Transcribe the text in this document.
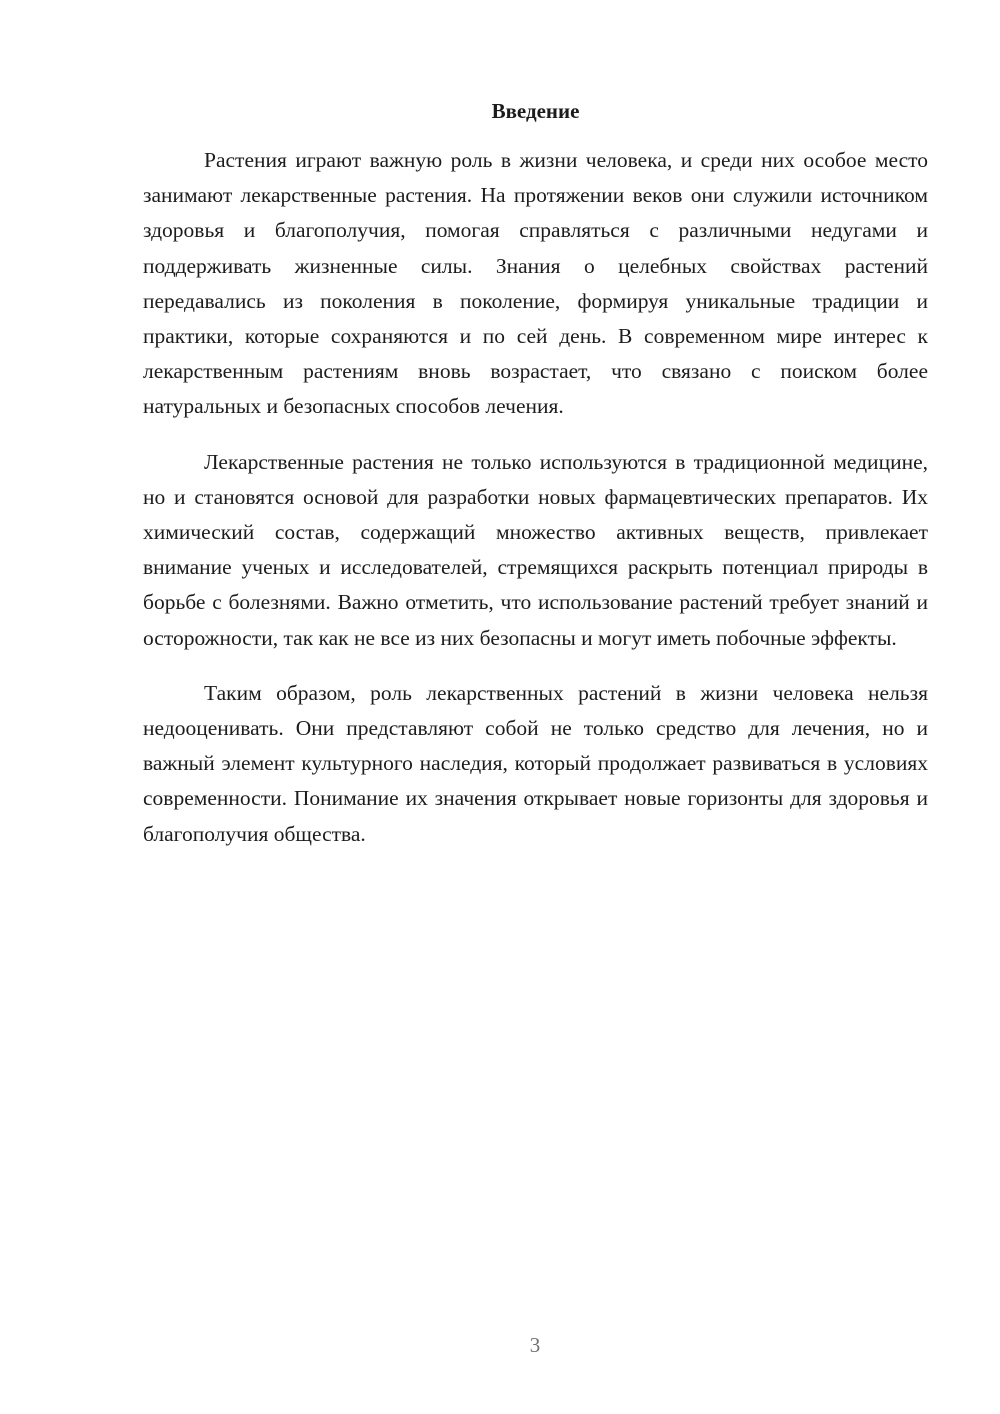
Введение

Растения играют важную роль в жизни человека, и среди них особое место занимают лекарственные растения. На протяжении веков они служили источником здоровья и благополучия, помогая справляться с различными недугами и поддерживать жизненные силы. Знания о целебных свойствах растений передавались из поколения в поколение, формируя уникальные традиции и практики, которые сохраняются и по сей день. В современном мире интерес к лекарственным растениям вновь возрастает, что связано с поиском более натуральных и безопасных способов лечения.

Лекарственные растения не только используются в традиционной медицине, но и становятся основой для разработки новых фармацевтических препаратов. Их химический состав, содержащий множество активных веществ, привлекает внимание ученых и исследователей, стремящихся раскрыть потенциал природы в борьбе с болезнями. Важно отметить, что использование растений требует знаний и осторожности, так как не все из них безопасны и могут иметь побочные эффекты.

Таким образом, роль лекарственных растений в жизни человека нельзя недооценивать. Они представляют собой не только средство для лечения, но и важный элемент культурного наследия, который продолжает развиваться в условиях современности. Понимание их значения открывает новые горизонты для здоровья и благополучия общества.

3
